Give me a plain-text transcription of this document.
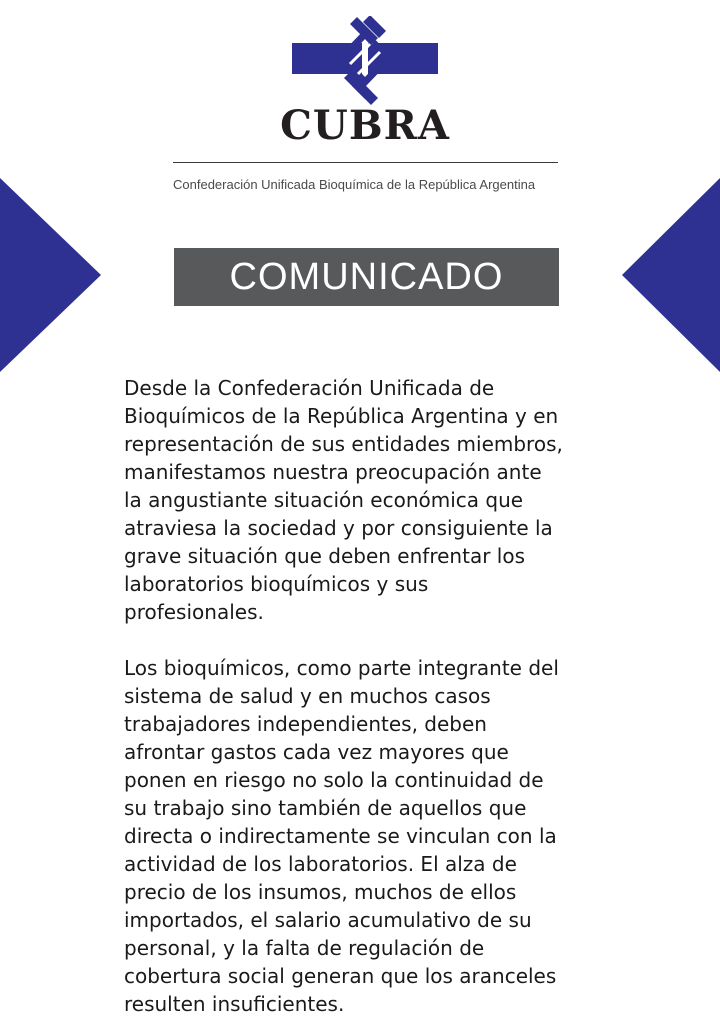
CUBRA
Confederación Unificada Bioquímica de la República Argentina
COMUNICADO
Desde la Confederación Unificada de
Bioquímicos de la República Argentina y en
representación de sus entidades miembros,
manifestamos nuestra preocupación ante
la angustiante situación económica que
atraviesa la sociedad y por consiguiente la
grave situación que deben enfrentar los
laboratorios bioquímicos y sus
profesionales.
Los bioquímicos, como parte integrante del
sistema de salud y en muchos casos
trabajadores independientes, deben
afrontar gastos cada vez mayores que
ponen en riesgo no solo la continuidad de
su trabajo sino también de aquellos que
directa o indirectamente se vinculan con la
actividad de los laboratorios. El alza de
precio de los insumos, muchos de ellos
importados, el salario acumulativo de su
personal, y la falta de regulación de
cobertura social generan que los aranceles
resulten insuficientes.
